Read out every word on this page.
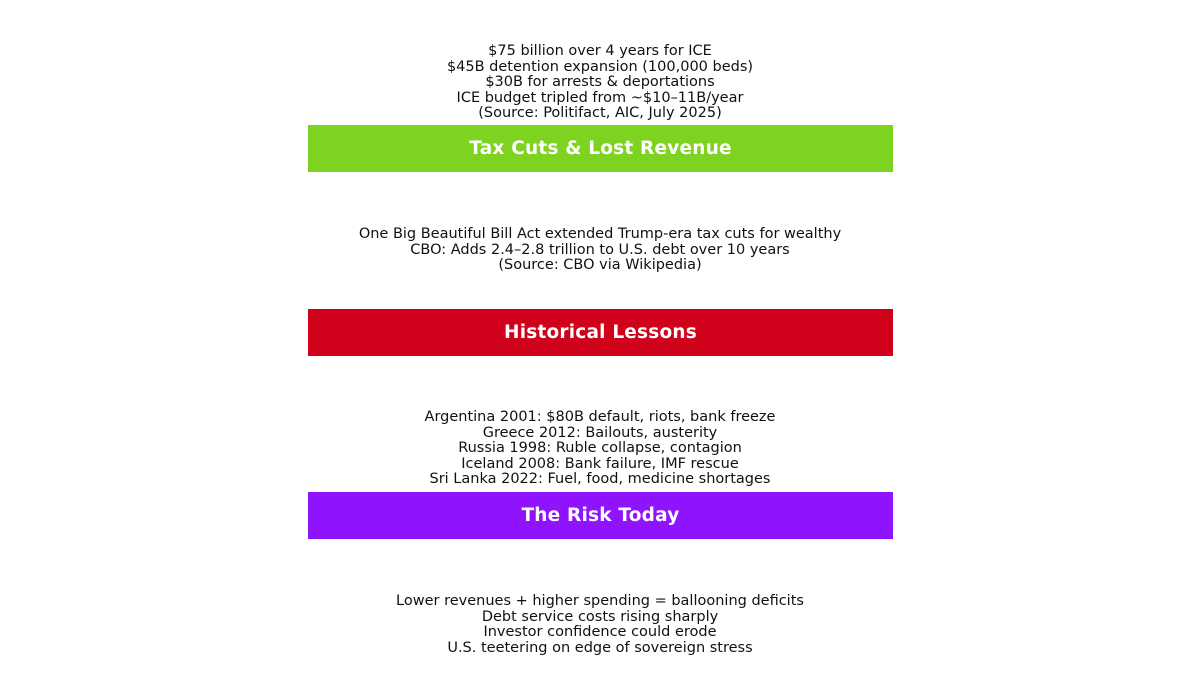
$75 billion over 4 years for ICE
$45B detention expansion (100,000 beds)
$30B for arrests & deportations
ICE budget tripled from ~$10–11B/year
(Source: Politifact, AIC, July 2025)
Tax Cuts & Lost Revenue
One Big Beautiful Bill Act extended Trump-era tax cuts for wealthy
CBO: Adds 2.4–2.8 trillion to U.S. debt over 10 years
(Source: CBO via Wikipedia)
Historical Lessons
Argentina 2001: $80B default, riots, bank freeze
Greece 2012: Bailouts, austerity
Russia 1998: Ruble collapse, contagion
Iceland 2008: Bank failure, IMF rescue
Sri Lanka 2022: Fuel, food, medicine shortages
The Risk Today
Lower revenues + higher spending = ballooning deficits
Debt service costs rising sharply
Investor confidence could erode
U.S. teetering on edge of sovereign stress
